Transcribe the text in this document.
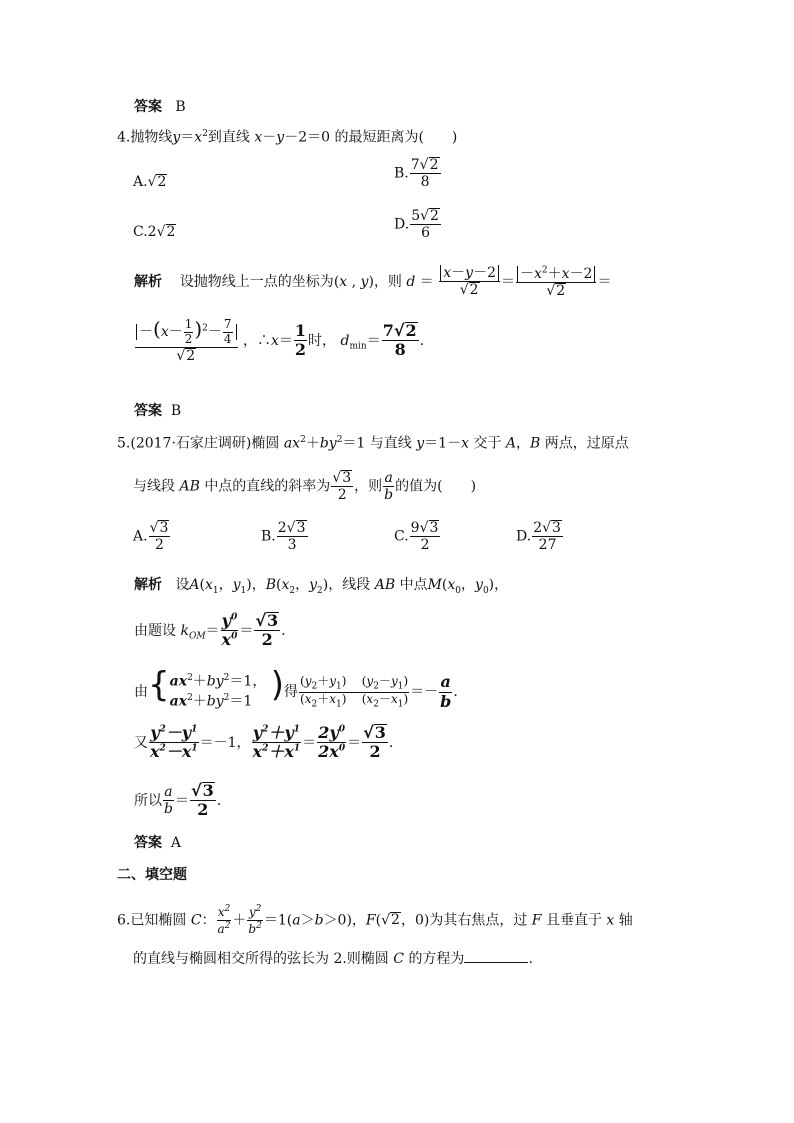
答案 B
4.抛物线$y=x^2$到直线 x－y－2＝0 的最短距离为(　　)
A.√2
B. $\frac{7√2}{8}$
C.2√2	D. $\frac{5√2}{6}$
解析 设抛物线上一点的坐标为(x , y)，则 $d = \frac{x-y-2}{√2} = \frac{-x^2+x-2}{√2}$ ＝
$\frac{-(x- \frac{1}{2} )^2- \frac{7}{4}}{√2}$ ，∴x＝ $\frac{1}{2}$ 时， $d_{min}= \frac{7√2}{8}$ .
答案 B
5.(2017·石家庄调研)椭圆 $ax^2+by^2=1$ 与直线 y＝1－x 交于 A，B 两点，过原点
与线段 AB 中点的直线的斜率为 $\frac{√3}{2}$ ，则 $\frac{a}{b}$ 的值为(　　)
A. $\frac{√3}{2}$	B. $\frac{2√3}{3}$	C. $\frac{9√3}{2}$	D. $\frac{2√3}{27}$
解析 设$A(x_1$，$y_1$)，$B(x_2$，$y_2$)，线段 AB 中点$M(x_0$，$y_0$)，
由题设 $k_{OM}= \frac{y^0}{x^0} = \frac{√3}{2}$ .
由{$ax^2+by^2=1$，
$ax^2+by^2=1$ )得 $\frac{(y_2+y_1) (y_2-y_1)}{(x_2+x_1) (x_2-x_1)} =- \frac{a}{b}$ .
又 $\frac{y^2-y^1}{x^2-x^1} =-1$， $\frac{y^2+y^1}{x^2+x^1} = \frac{2y^0}{2x^0} = \frac{√3}{2}$ .
所以 $\frac{a}{b} = \frac{√3}{2}$ .
答案 A
二、填空题
6.已知椭圆 C： $\frac{x^2}{a^2} + \frac{y^2}{b^2} =1(a>b>0)$，F(√2，0)为其右焦点，过 F 且垂直于 x 轴
的直线与椭圆相交所得的弦长为 2.则椭圆 C 的方程为	.
